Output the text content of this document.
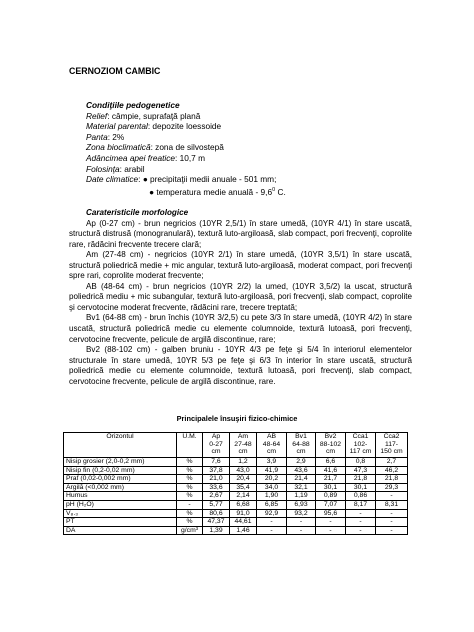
CERNOZIOM CAMBIC
Condiţiile pedogenetice
Relief: câmpie, suprafaţă plană
Material parental: depozite loessoide
Panta: 2%
Zona bioclimatică: zona de silvostepă
Adâncimea apei freatice: 10,7 m
Folosinţa: arabil
Date climatice: ● precipitaţii medii anuale - 501 mm;
● temperatura medie anuală - $9,6^0$ C.
Carateristicile morfologice

Ap (0-27 cm) - brun negricios (10YR 2,5/1) în stare umedă, (10YR 4/1) în stare uscată, structură distrusă (monogranulară), textură luto-argiloasă, slab compact, pori frecvenţi, coprolite rare, rădăcini frecvente trecere clară;

Am (27-48 cm) - negricios (10YR 2/1) în stare umedă, (10YR 3,5/1) în stare uscată, structură poliedrică medie + mic angular, textură luto-argiloasă, moderat compact, pori frecvenţi spre rari, coprolite moderat frecvente;

AB (48-64 cm) - brun negricios (10YR 2/2) la umed, (10YR 3,5/2) la uscat, structură poliedrică mediu + mic subangular, textură luto-argiloasă, pori frecvenţi, slab compact, coprolite şi cervotocine moderat frecvente, rădăcini rare, trecere treptată;

Bv1 (64-88 cm) - brun închis (10YR 3/2,5) cu pete 3/3 în stare umedă, (10YR 4/2) în stare uscată, structură poliedrică medie cu elemente columnoide, textură lutoasă, pori frecvenţi, cervotocine frecvente, pelicule de argilă discontinue, rare;

Bv2 (88-102 cm) - galben bruniu - 10YR 4/3 pe feţe şi 5/4 în interiorul elementelor structurale în stare umedă, 10YR 5/3 pe feţe şi 6/3 în interior în stare uscată, structură poliedrică medie cu elemente columnoide, textură lutoasă, pori frecvenţi, slab compact, cervotocine frecvente, pelicule de argilă discontinue, rare.

Principalele însuşiri fizico-chimice
Orizontul	U.M.	Ap
0-27
cm	Am
27-48
cm	AB
48-64
cm	Bv1
64-88
cm	Bv2
88-102
cm	Cca1
102-
117 cm	Cca2
117-
150 cm
Nisip grosier (2,0-0,2 mm)	%	7,6	1,2	3,9	2,9	6,6	0,8	2,7
Nisip fin (0,2-0,02 mm)	%	37,8	43,0	41,9	43,6	41,6	47,3	46,2
Praf (0,02-0,002 mm)	%	21,0	20,4	20,2	21,4	21,7	21,8	21,8
Argilă (<0,002 mm)	%	33,6	35,4	34,0	32,1	30,1	30,1	29,3
Humus	%	2,67	2,14	1,90	1,19	0,89	0,86	-
pH (H₂O)	-	5,77	6,68	6,85	6,93	7,07	8,17	8,31
V₈.₃	%	80,6	91,0	92,9	93,2	95,6	-	-
PT	%	47,37	44,61	-	-	-	-	-
DA	g/cm³	1,39	1,46	-	-	-	-	-
